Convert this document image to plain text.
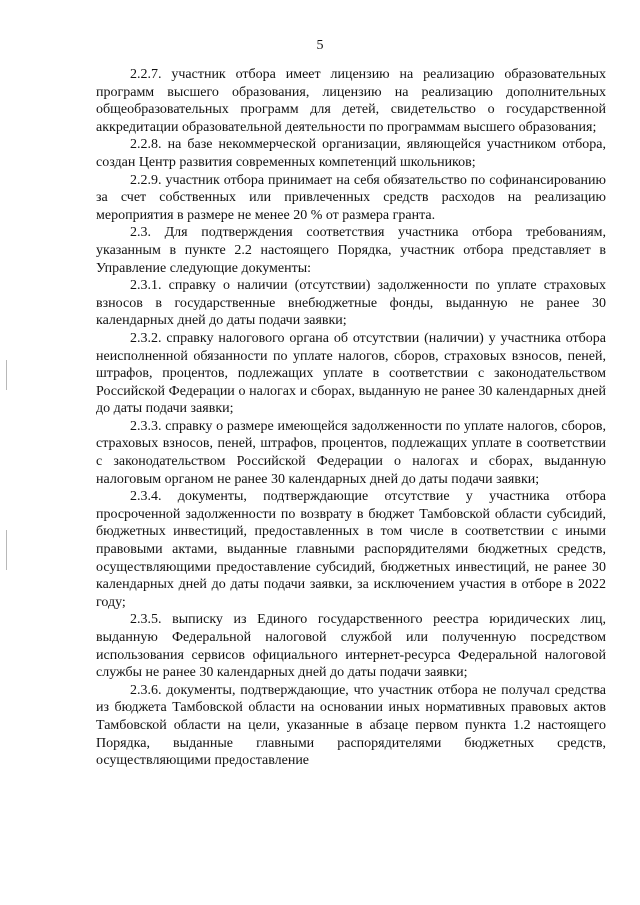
5

2.2.7. участник отбора имеет лицензию на реализацию образовательных программ высшего образования, лицензию на реализацию дополнительных общеобразовательных программ для детей, свидетельство о государственной аккредитации образовательной деятельности по программам высшего образования;

2.2.8. на базе некоммерческой организации, являющейся участником отбора, создан Центр развития современных компетенций школьников;

2.2.9. участник отбора принимает на себя обязательство по софинансированию за счет собственных или привлеченных средств расходов на реализацию мероприятия в размере не менее 20 % от размера гранта.

2.3. Для подтверждения соответствия участника отбора требованиям, указанным в пункте 2.2 настоящего Порядка, участник отбора представляет в Управление следующие документы:

2.3.1. справку о наличии (отсутствии) задолженности по уплате страховых взносов в государственные внебюджетные фонды, выданную не ранее 30 календарных дней до даты подачи заявки;

2.3.2. справку налогового органа об отсутствии (наличии) у участника отбора неисполненной обязанности по уплате налогов, сборов, страховых взносов, пеней, штрафов, процентов, подлежащих уплате в соответствии с законодательством Российской Федерации о налогах и сборах, выданную не ранее 30 календарных дней до даты подачи заявки;

2.3.3. справку о размере имеющейся задолженности по уплате налогов, сборов, страховых взносов, пеней, штрафов, процентов, подлежащих уплате в соответствии с законодательством Российской Федерации о налогах и сборах, выданную налоговым органом не ранее 30 календарных дней до даты подачи заявки;

2.3.4. документы, подтверждающие отсутствие у участника отбора просроченной задолженности по возврату в бюджет Тамбовской области субсидий, бюджетных инвестиций, предоставленных в том числе в соответствии с иными правовыми актами, выданные главными распорядителями бюджетных средств, осуществляющими предоставление субсидий, бюджетных инвестиций, не ранее 30 календарных дней до даты подачи заявки, за исключением участия в отборе в 2022 году;

2.3.5. выписку из Единого государственного реестра юридических лиц, выданную Федеральной налоговой службой или полученную посредством использования сервисов официального интернет-ресурса Федеральной налоговой службы не ранее 30 календарных дней до даты подачи заявки;

2.3.6. документы, подтверждающие, что участник отбора не получал средства из бюджета Тамбовской области на основании иных нормативных правовых актов Тамбовской области на цели, указанные в абзаце первом пункта 1.2 настоящего Порядка, выданные главными распорядителями бюджетных средств, осуществляющими предоставление
